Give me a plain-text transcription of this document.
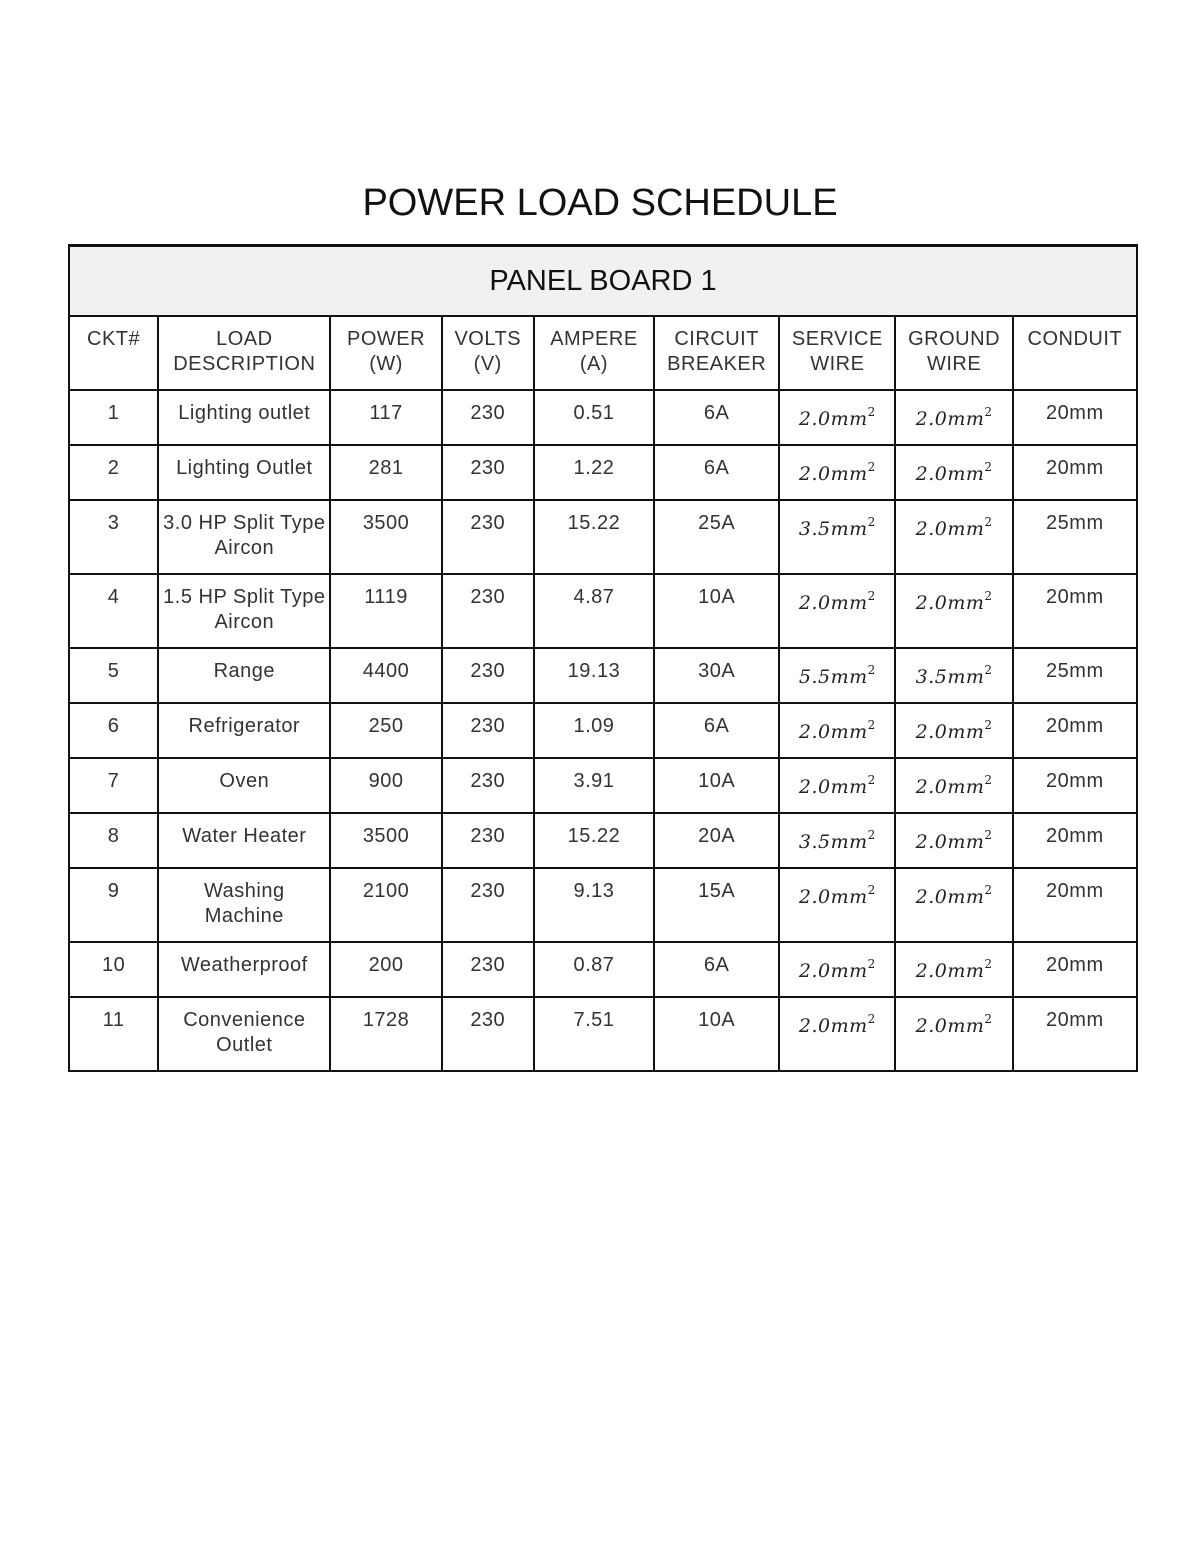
POWER LOAD SCHEDULE
PANEL BOARD 1								
CKT#	LOAD DESCRIPTION	POWER (W)	VOLTS (V)	AMPERE (A)	CIRCUIT BREAKER	SERVICE WIRE	GROUND WIRE	CONDUIT
1	Lighting outlet	117	230	0.51	6A	$2.0mm^2$	$2.0mm^2$	20mm
2	Lighting Outlet	281	230	1.22	6A	$2.0mm^2$	$2.0mm^2$	20mm
3	3.0 HP Split Type Aircon	3500	230	15.22	25A	$3.5mm^2$	$2.0mm^2$	25mm
4	1.5 HP Split Type Aircon	1119	230	4.87	10A	$2.0mm^2$	$2.0mm^2$	20mm
5	Range	4400	230	19.13	30A	$5.5mm^2$	$3.5mm^2$	25mm
6	Refrigerator	250	230	1.09	6A	$2.0mm^2$	$2.0mm^2$	20mm
7	Oven	900	230	3.91	10A	$2.0mm^2$	$2.0mm^2$	20mm
8	Water Heater	3500	230	15.22	20A	$3.5mm^2$	$2.0mm^2$	20mm
9	Washing Machine	2100	230	9.13	15A	$2.0mm^2$	$2.0mm^2$	20mm
10	Weatherproof	200	230	0.87	6A	$2.0mm^2$	$2.0mm^2$	20mm
11	Convenience Outlet	1728	230	7.51	10A	$2.0mm^2$	$2.0mm^2$	20mm
